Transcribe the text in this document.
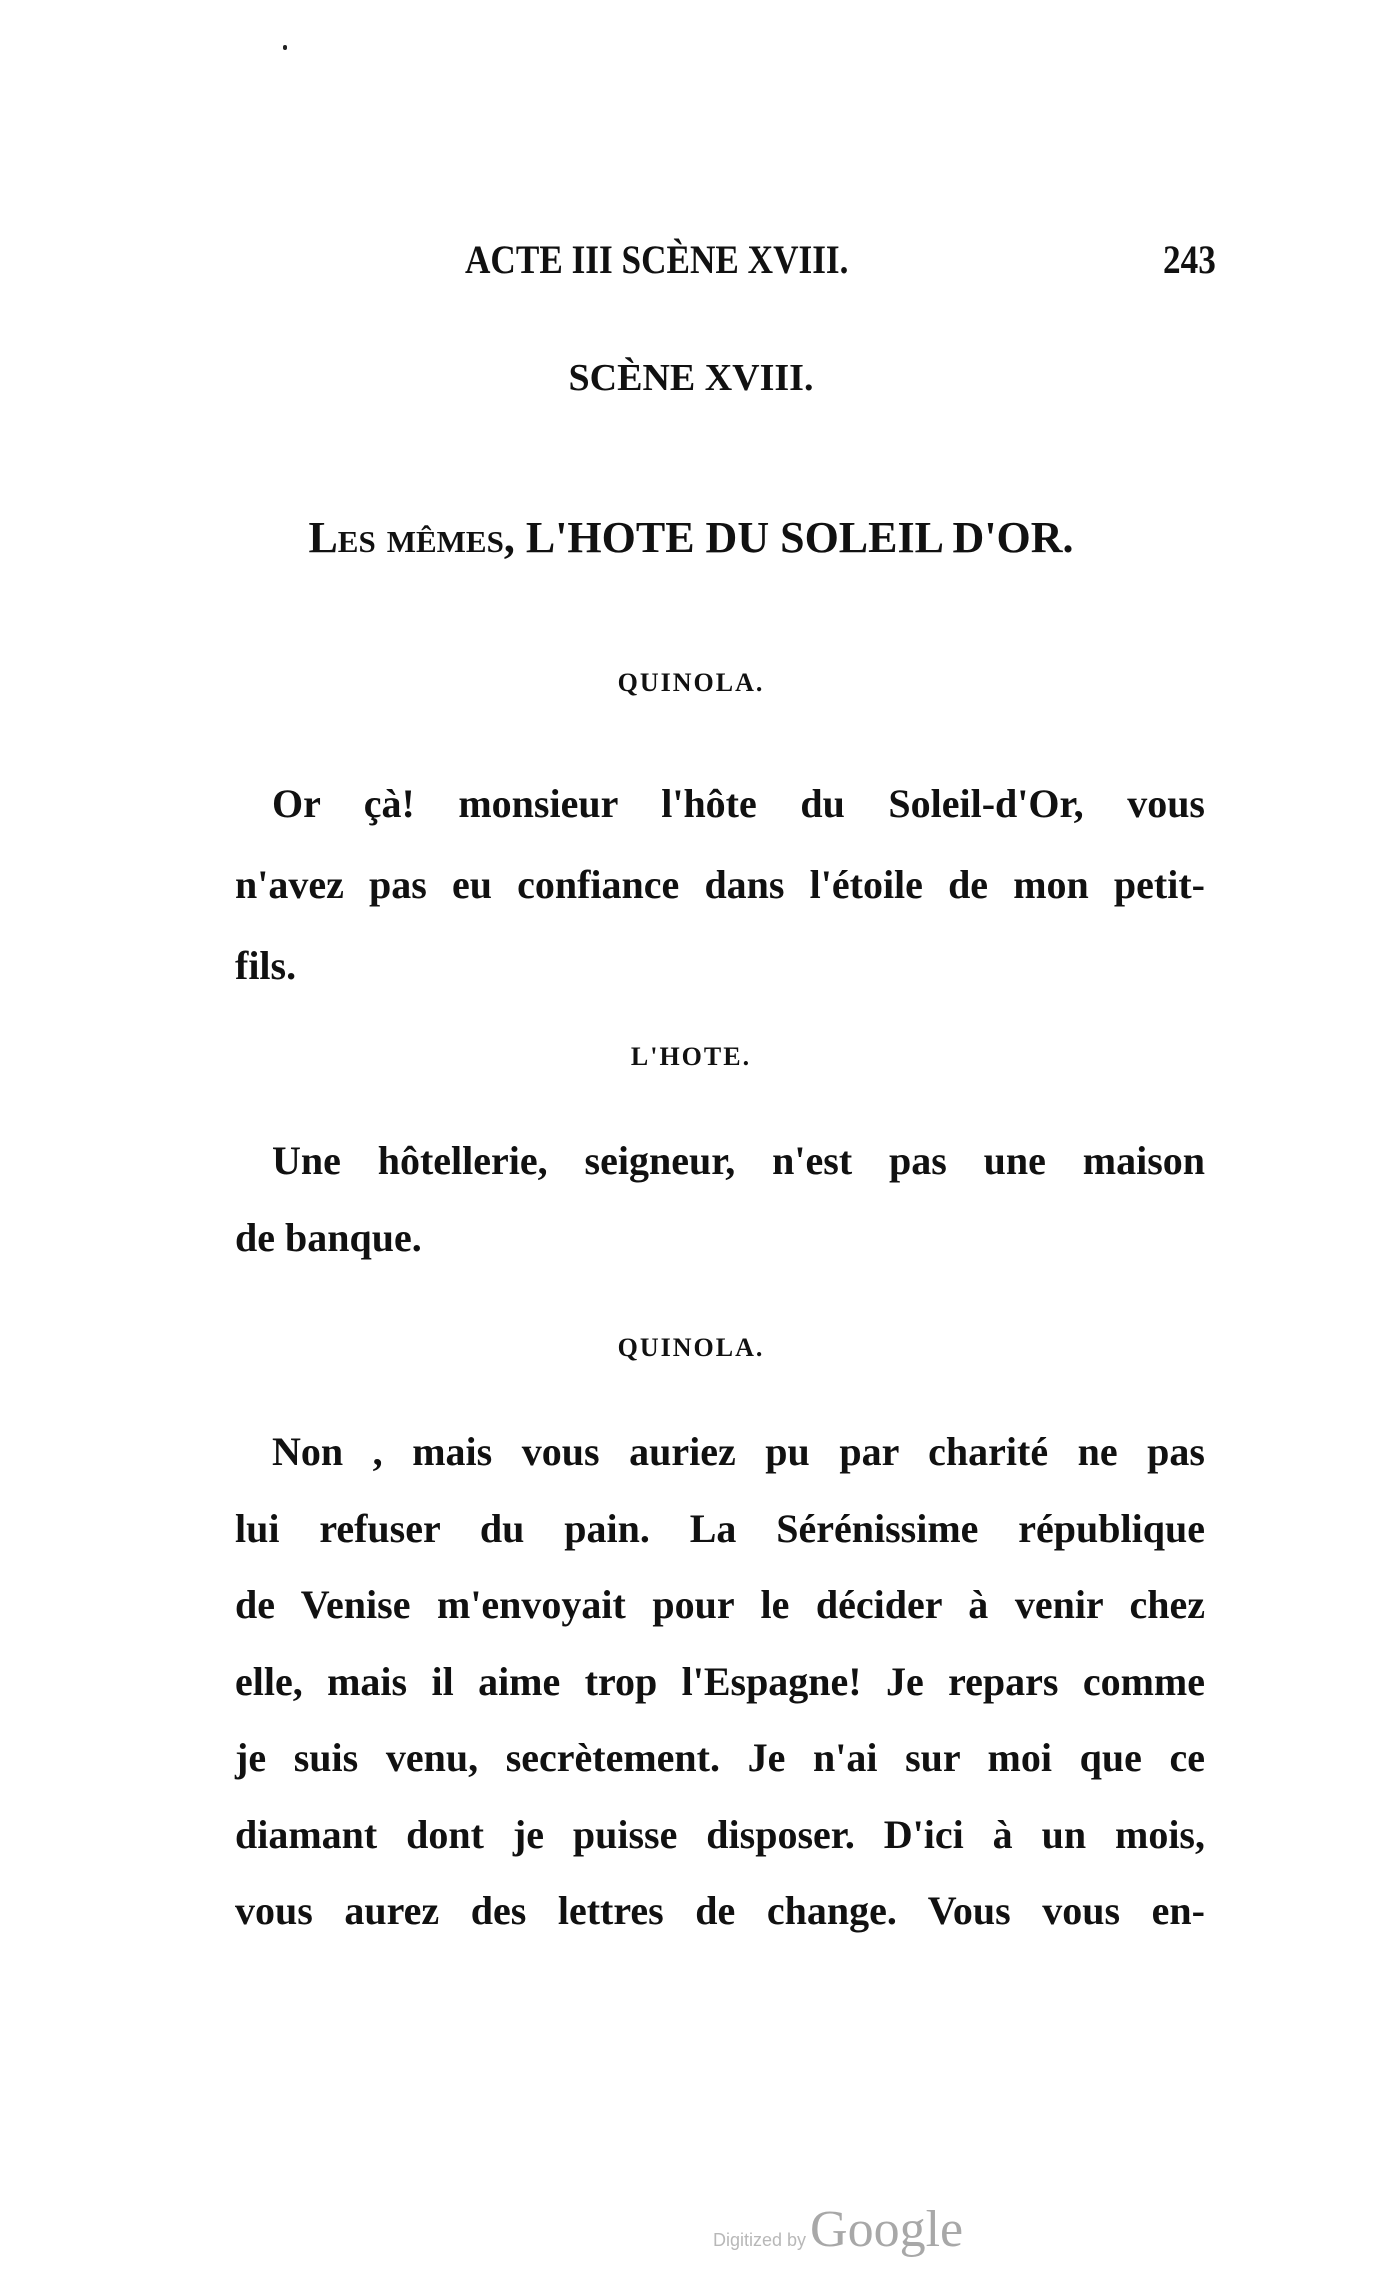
ACTE III SCÈNE XVIII.	243
SCÈNE XVIII.
Les mêmes, L'HOTE DU SOLEIL D'OR.
QUINOLA.
Or çà! monsieur l'hôte du Soleil-d'Or, vous
n'avez pas eu confiance dans l'étoile de mon petit-
fils.
L'HOTE.
Une hôtellerie, seigneur, n'est pas une maison
de banque.
QUINOLA.
Non , mais vous auriez pu par charité ne pas
lui refuser du pain. La Sérénissime république
de Venise m'envoyait pour le décider à venir chez
elle, mais il aime trop l'Espagne! Je repars comme
je suis venu, secrètement. Je n'ai sur moi que ce
diamant dont je puisse disposer. D'ici à un mois,
vous aurez des lettres de change. Vous vous en-
Digitized by Google
